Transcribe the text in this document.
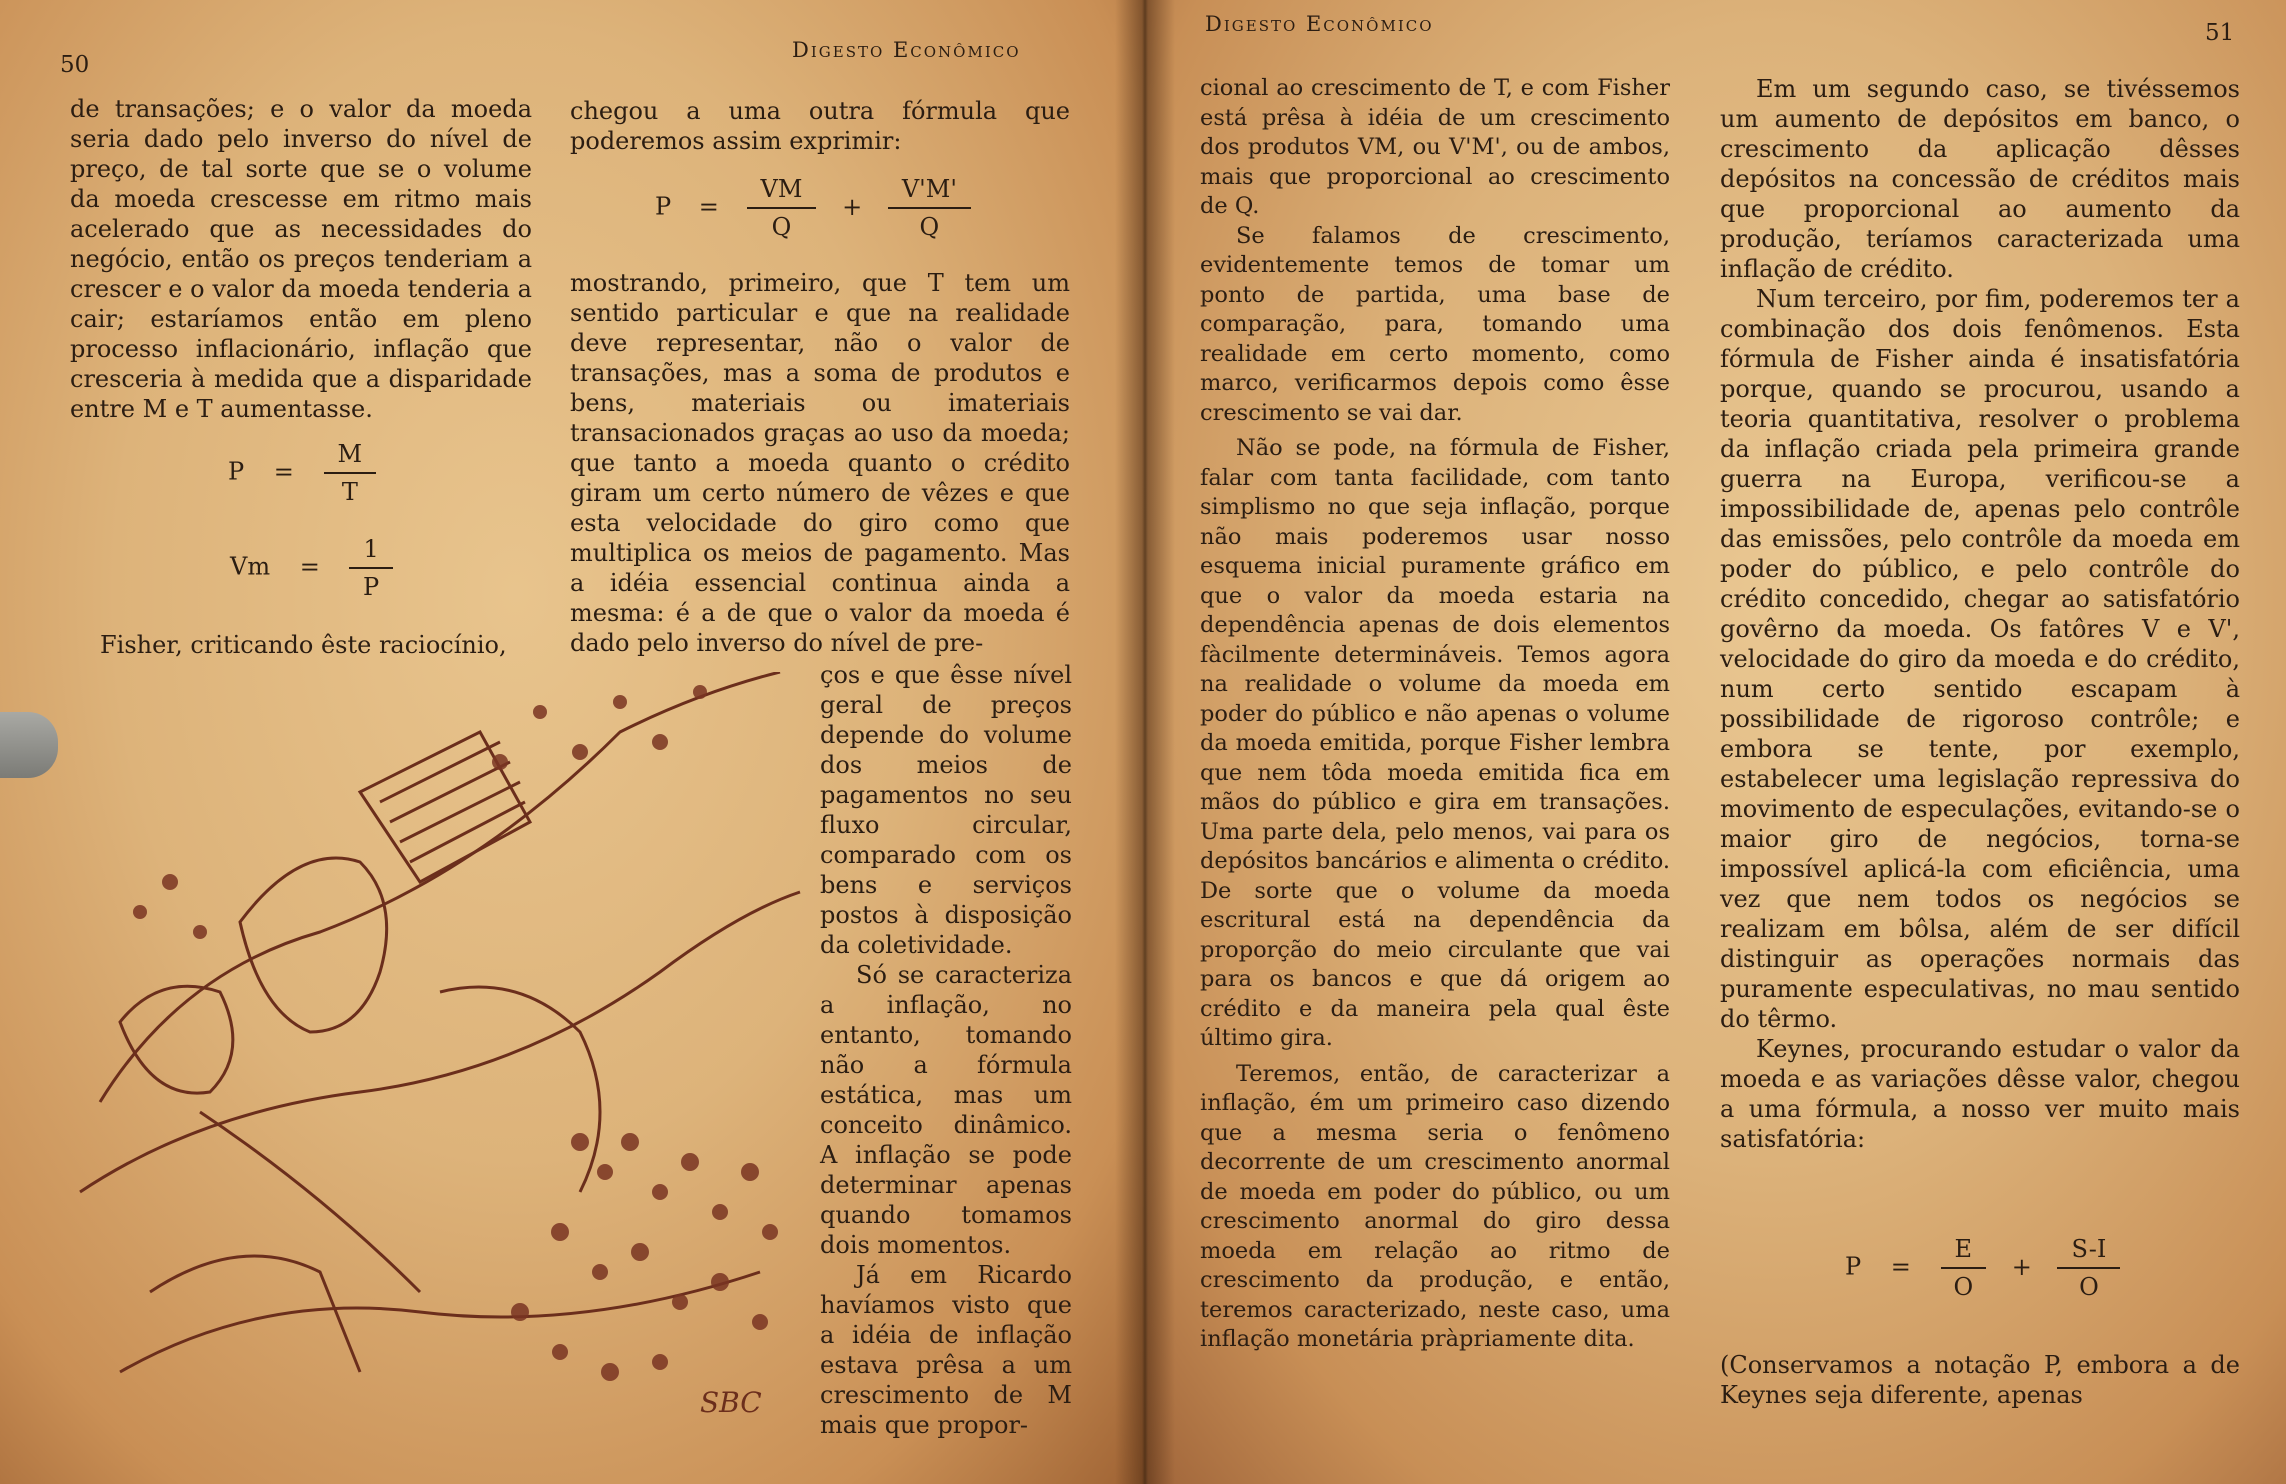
50
Digesto Econômico

de transações; e o valor da moeda seria dado pelo inverso do nível de preço, de tal sorte que se o volume da moeda crescesse em ritmo mais acelerado que as necessidades do negócio, então os preços tenderiam a crescer e o valor da moeda tenderia a cair; estaríamos então em pleno processo inflacionário, inflação que cresceria à medida que a disparidade entre M e T aumentasse.

$P = \frac{M}{T}$
$Vm = \frac{1}{P}$

Fisher, criticando êste raciocínio,

chegou a uma outra fórmula que poderemos assim exprimir:

$P = \frac{VM}{Q} + \frac{V'M'}{Q}$

mostrando, primeiro, que T tem um sentido particular e que na realidade deve representar, não o valor de transações, mas a soma de produtos e bens, materiais ou imateriais transacionados graças ao uso da moeda; que tanto a moeda quanto o crédito giram um certo número de vêzes e que esta velocidade do giro como que multiplica os meios de pagamento. Mas a idéia essencial continua ainda a mesma: é a de que o valor da moeda é dado pelo inverso do nível de pre-

ços e que êsse nível geral de preços depende do volume dos meios de pagamentos no seu fluxo circular, comparado com os bens e serviços postos à disposição da coletividade.

Só se caracteriza a inflação, no entanto, tomando não a fórmula estática, mas um conceito dinâmico. A inflação se pode determinar apenas quando tomamos dois momentos.

Já em Ricardo havíamos visto que a idéia de inflação estava prêsa a um crescimento de M mais que propor-

SBC
Digesto Econômico	51

cional ao crescimento de T, e com Fisher está prêsa à idéia de um crescimento dos produtos VM, ou V'M', ou de ambos, mais que proporcional ao crescimento de Q.

Se falamos de crescimento, evidentemente temos de tomar um ponto de partida, uma base de comparação, para, tomando uma realidade em certo momento, como marco, verificarmos depois como êsse crescimento se vai dar.

Não se pode, na fórmula de Fisher, falar com tanta facilidade, com tanto simplismo no que seja inflação, porque não mais poderemos usar nosso esquema inicial puramente gráfico em que o valor da moeda estaria na dependência apenas de dois elementos fàcilmente determináveis. Temos agora na realidade o volume da moeda em poder do público e não apenas o volume da moeda emitida, porque Fisher lembra que nem tôda moeda emitida fica em mãos do público e gira em transações. Uma parte dela, pelo menos, vai para os depósitos bancários e alimenta o crédito. De sorte que o volume da moeda escritural está na dependência da proporção do meio circulante que vai para os bancos e que dá origem ao crédito e da maneira pela qual êste último gira.

Teremos, então, de caracterizar a inflação, ém um primeiro caso dizendo que a mesma seria o fenômeno decorrente de um crescimento anormal de moeda em poder do público, ou um crescimento anormal do giro dessa moeda em relação ao ritmo de crescimento da produção, e então, teremos caracterizado, neste caso, uma inflação monetária pràpriamente dita.

Em um segundo caso, se tivéssemos um aumento de depósitos em banco, o crescimento da aplicação dêsses depósitos na concessão de créditos mais que proporcional ao aumento da produção, teríamos caracterizada uma inflação de crédito.

Num terceiro, por fim, poderemos ter a combinação dos dois fenômenos. Esta fórmula de Fisher ainda é insatisfatória porque, quando se procurou, usando a teoria quantitativa, resolver o problema da inflação criada pela primeira grande guerra na Europa, verificou-se a impossibilidade de, apenas pelo contrôle das emissões, pelo contrôle da moeda em poder do público, e pelo contrôle do crédito concedido, chegar ao satisfatório govêrno da moeda. Os fatôres V e V', velocidade do giro da moeda e do crédito, num certo sentido escapam à possibilidade de rigoroso contrôle; e embora se tente, por exemplo, estabelecer uma legislação repressiva do movimento de especulações, evitando-se o maior giro de negócios, torna-se impossível aplicá-la com eficiência, uma vez que nem todos os negócios se realizam em bôlsa, além de ser difícil distinguir as operações normais das puramente especulativas, no mau sentido do têrmo.

Keynes, procurando estudar o valor da moeda e as variações dêsse valor, chegou a uma fórmula, a nosso ver muito mais satisfatória:

$P = \frac{E}{O} + \frac{S-I}{O}$

(Conservamos a notação P, embora a de Keynes seja diferente, apenas
